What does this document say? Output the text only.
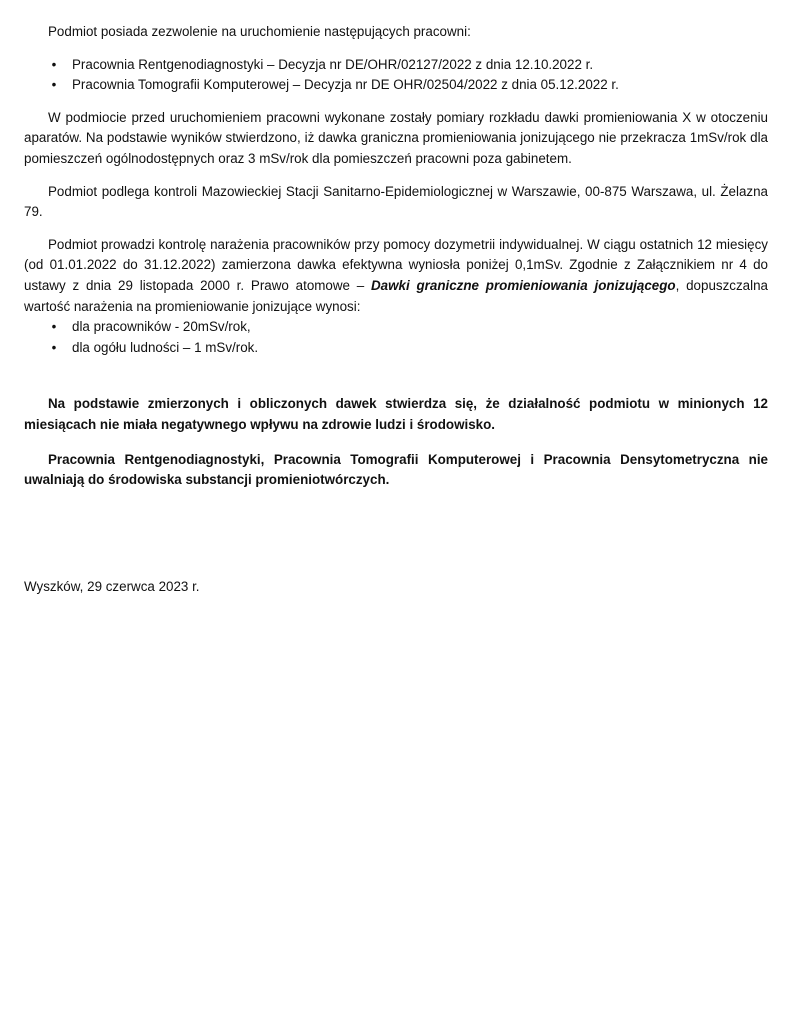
Podmiot posiada zezwolenie na uruchomienie następujących pracowni:

• Pracownia Rentgenodiagnostyki – Decyzja nr DE/OHR/02127/2022 z dnia 12.10.2022 r.
• Pracownia Tomografii Komputerowej – Decyzja nr DE OHR/02504/2022 z dnia 05.12.2022 r.

W podmiocie przed uruchomieniem pracowni wykonane zostały pomiary rozkładu dawki promieniowania X w otoczeniu aparatów. Na podstawie wyników stwierdzono, iż dawka graniczna promieniowania jonizującego nie przekracza 1mSv/rok dla pomieszczeń ogólnodostępnych oraz 3 mSv/rok dla pomieszczeń pracowni poza gabinetem.

Podmiot podlega kontroli Mazowieckiej Stacji Sanitarno-Epidemiologicznej w Warszawie, 00-875 Warszawa, ul. Żelazna 79.

Podmiot prowadzi kontrolę narażenia pracowników przy pomocy dozymetrii indywidualnej. W ciągu ostatnich 12 miesięcy (od 01.01.2022 do 31.12.2022) zamierzona dawka efektywna wyniosła poniżej 0,1mSv. Zgodnie z Załącznikiem nr 4 do ustawy z dnia 29 listopada 2000 r. Prawo atomowe – Dawki graniczne promieniowania jonizującego, dopuszczalna wartość narażenia na promieniowanie jonizujące wynosi:

• dla pracowników - 20mSv/rok,
• dla ogółu ludności – 1 mSv/rok.

Na podstawie zmierzonych i obliczonych dawek stwierdza się, że działalność podmiotu w minionych 12 miesiącach nie miała negatywnego wpływu na zdrowie ludzi i środowisko.

Pracownia Rentgenodiagnostyki, Pracownia Tomografii Komputerowej i Pracownia Densytometryczna nie uwalniają do środowiska substancji promieniotwórczych.

Wyszków, 29 czerwca 2023 r.
